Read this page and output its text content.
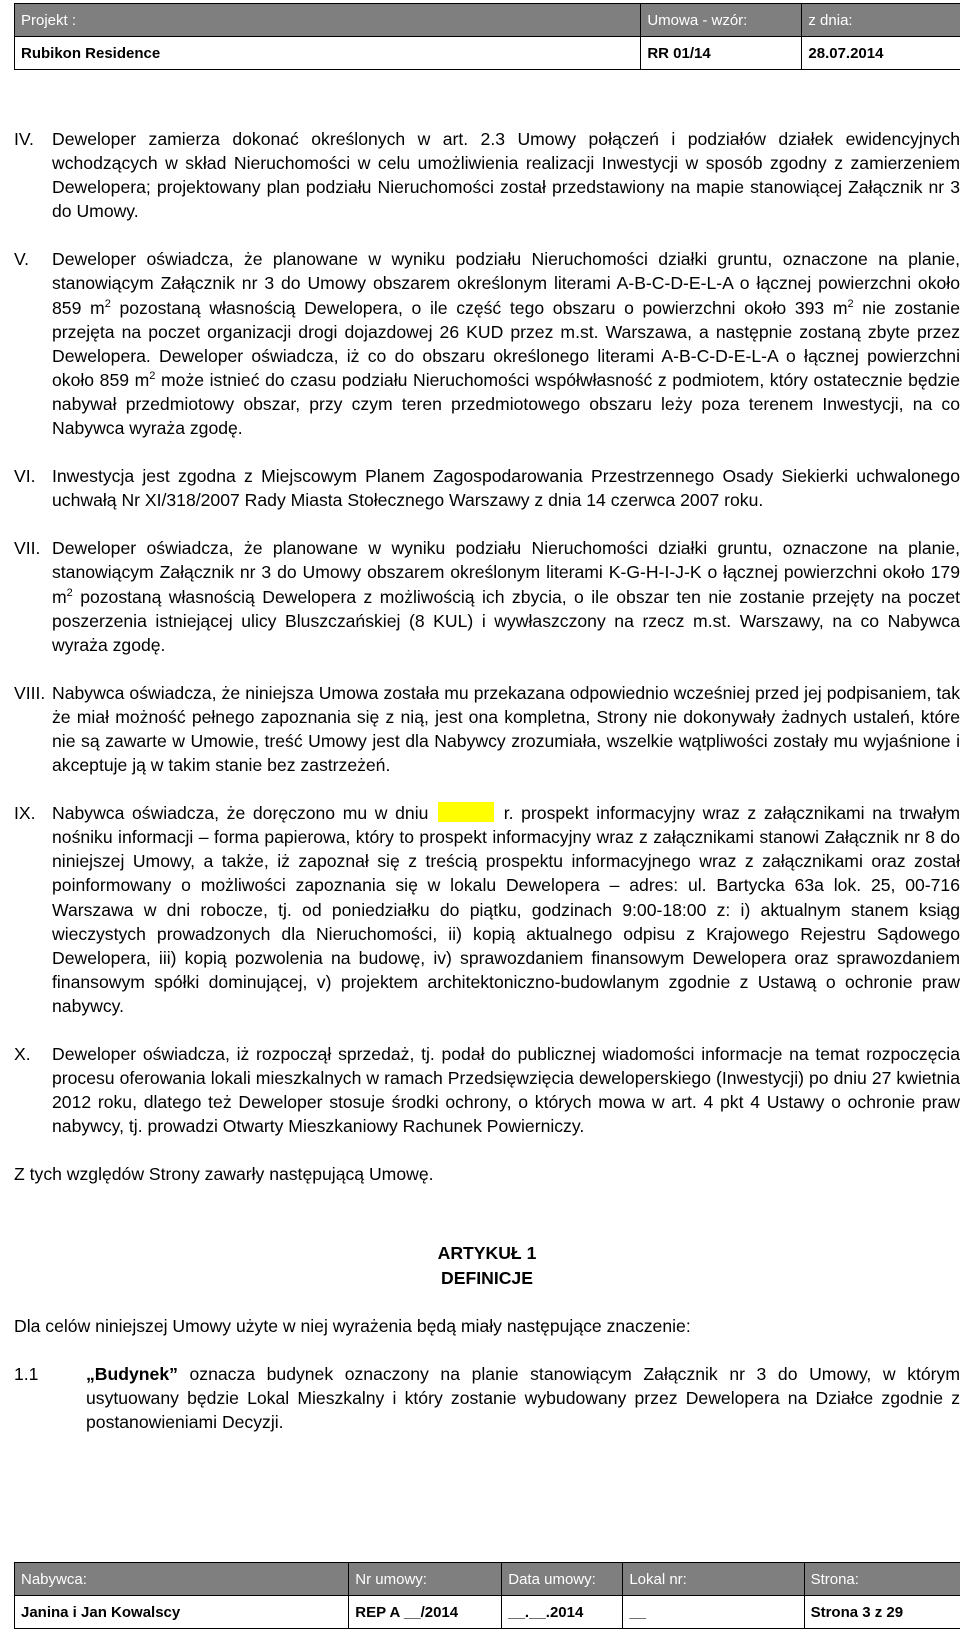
Projekt :	Umowa - wzór:	z dnia:
Rubikon Residence	RR 01/14	28.07.2014
IV.	Deweloper zamierza dokonać określonych w art. 2.3 Umowy połączeń i podziałów działek ewidencyjnych wchodzących w skład Nieruchomości w celu umożliwienia realizacji Inwestycji w sposób zgodny z zamierzeniem Dewelopera; projektowany plan podziału Nieruchomości został przedstawiony na mapie stanowiącej Załącznik nr 3 do Umowy.
V.	Deweloper oświadcza, że planowane w wyniku podziału Nieruchomości działki gruntu, oznaczone na planie, stanowiącym Załącznik nr 3 do Umowy obszarem określonym literami A-B-C-D-E-L-A o łącznej powierzchni około 859 $m^2$ pozostaną własnością Dewelopera, o ile część tego obszaru o powierzchni około 393 $m^2$ nie zostanie przejęta na poczet organizacji drogi dojazdowej 26 KUD przez m.st. Warszawa, a następnie zostaną zbyte przez Dewelopera. Deweloper oświadcza, iż co do obszaru określonego literami A-B-C-D-E-L-A o łącznej powierzchni około 859 $m^2$ może istnieć do czasu podziału Nieruchomości współwłasność z podmiotem, który ostatecznie będzie nabywał przedmiotowy obszar, przy czym teren przedmiotowego obszaru leży poza terenem Inwestycji, na co Nabywca wyraża zgodę.
VI. Inwestycja jest zgodna z Miejscowym Planem Zagospodarowania Przestrzennego Osady Siekierki uchwalonego uchwałą Nr XI/318/2007 Rady Miasta Stołecznego Warszawy z dnia 14 czerwca 2007 roku.
VII. Deweloper oświadcza, że planowane w wyniku podziału Nieruchomości działki gruntu, oznaczone na planie, stanowiącym Załącznik nr 3 do Umowy obszarem określonym literami K-G-H-I-J-K o łącznej powierzchni około 179 $m^2$ pozostaną własnością Dewelopera z możliwością ich zbycia, o ile obszar ten nie zostanie przejęty na poczet poszerzenia istniejącej ulicy Bluszczańskiej (8 KUL) i wywłaszczony na rzecz m.st. Warszawy, na co Nabywca wyraża zgodę.
VIII. Nabywca oświadcza, że niniejsza Umowa została mu przekazana odpowiednio wcześniej przed jej podpisaniem, tak że miał możność pełnego zapoznania się z nią, jest ona kompletna, Strony nie dokonywały żadnych ustaleń, które nie są zawarte w Umowie, treść Umowy jest dla Nabywcy zrozumiała, wszelkie wątpliwości zostały mu wyjaśnione i akceptuje ją w takim stanie bez zastrzeżeń.
IX. Nabywca oświadcza, że doręczono mu w dniu	r. prospekt informacyjny wraz z załącznikami na trwałym nośniku informacji – forma papierowa, który to prospekt informacyjny wraz z załącznikami stanowi Załącznik nr 8 do niniejszej Umowy, a także, iż zapoznał się z treścią prospektu informacyjnego wraz z załącznikami oraz został poinformowany o możliwości zapoznania się w lokalu Dewelopera – adres: ul. Bartycka 63a lok. 25, 00-716 Warszawa w dni robocze, tj. od poniedziałku do piątku, godzinach 9:00-18:00 z: i) aktualnym stanem ksiąg wieczystych prowadzonych dla Nieruchomości, ii) kopią aktualnego odpisu z Krajowego Rejestru Sądowego Dewelopera, iii) kopią pozwolenia na budowę, iv) sprawozdaniem finansowym Dewelopera oraz sprawozdaniem finansowym spółki dominującej, v) projektem architektoniczno-budowlanym zgodnie z Ustawą o ochronie praw nabywcy.
X.	Deweloper oświadcza, iż rozpoczął sprzedaż, tj. podał do publicznej wiadomości informacje na temat rozpoczęcia procesu oferowania lokali mieszkalnych w ramach Przedsięwzięcia deweloperskiego (Inwestycji) po dniu 27 kwietnia 2012 roku, dlatego też Deweloper stosuje środki ochrony, o których mowa w art. 4 pkt 4 Ustawy o ochronie praw nabywcy, tj. prowadzi Otwarty Mieszkaniowy Rachunek Powierniczy.
Z tych względów Strony zawarły następującą Umowę.
ARTYKUŁ 1
DEFINICJE
Dla celów niniejszej Umowy użyte w niej wyrażenia będą miały następujące znaczenie:
1.1	„Budynek” oznacza budynek oznaczony na planie stanowiącym Załącznik nr 3 do Umowy, w którym usytuowany będzie Lokal Mieszkalny i który zostanie wybudowany przez Dewelopera na Działce zgodnie z postanowieniami Decyzji.
Nabywca:	Nr umowy:	Data umowy:	Lokal nr:	Strona:
Janina i Jan Kowalscy	REP A __/2014	__.__.2014	__	Strona 3 z 29
